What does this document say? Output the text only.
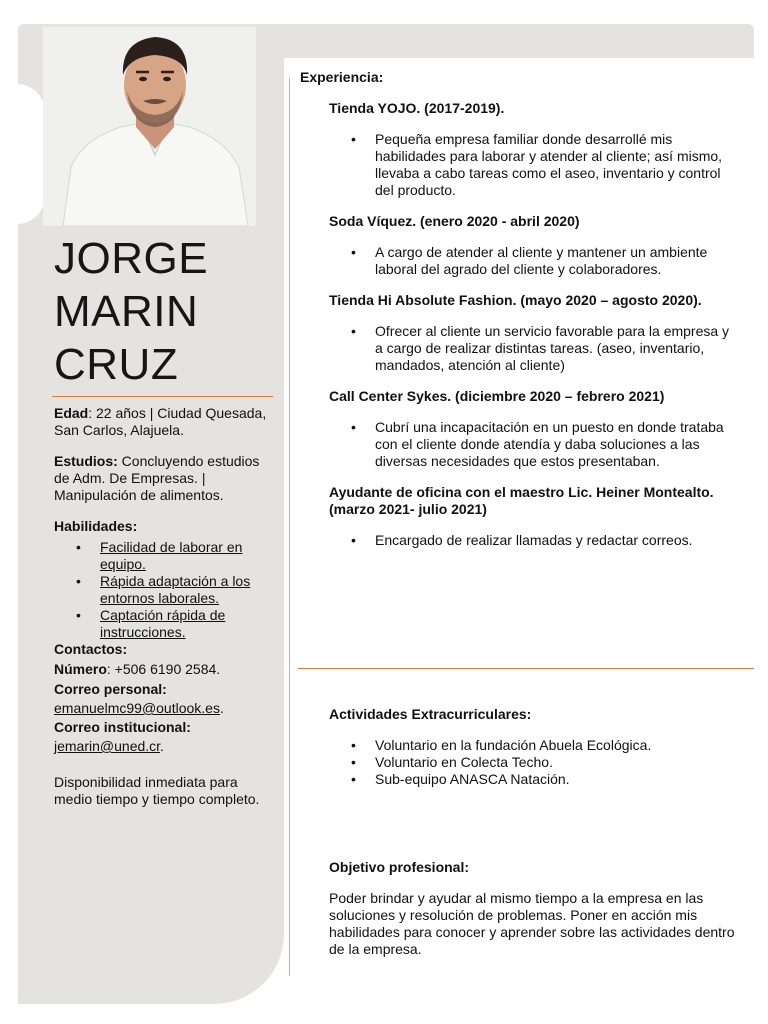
JORGE
MARIN
CRUZ

Edad: 22 años | Ciudad Quesada, San Carlos, Alajuela.

Estudios: Concluyendo estudios de Adm. De Empresas. | Manipulación de alimentos.

Habilidades:

• Facilidad de laborar en equipo.
• Rápida adaptación a los entornos laborales.
• Captación rápida de instrucciones.

Contactos:

Número: +506 6190 2584.

Correo personal:

emanuelmc99@outlook.es.

Correo institucional:

jemarin@uned.cr.

Disponibilidad inmediata para medio tiempo y tiempo completo.

Experiencia:

Tienda YOJO. (2017-2019).

• Pequeña empresa familiar donde desarrollé mis habilidades para laborar y atender al cliente; así mismo, llevaba a cabo tareas como el aseo, inventario y control del producto.

Soda Víquez. (enero 2020 - abril 2020)

• A cargo de atender al cliente y mantener un ambiente laboral del agrado del cliente y colaboradores.

Tienda Hi Absolute Fashion. (mayo 2020 – agosto 2020).

• Ofrecer al cliente un servicio favorable para la empresa y a cargo de realizar distintas tareas. (aseo, inventario, mandados, atención al cliente)

Call Center Sykes. (diciembre 2020 – febrero 2021)

• Cubrí una incapacitación en un puesto en donde trataba con el cliente donde atendía y daba soluciones a las diversas necesidades que estos presentaban.

Ayudante de oficina con el maestro Lic. Heiner Montealto. (marzo 2021- julio 2021)

• Encargado de realizar llamadas y redactar correos.

Actividades Extracurriculares:

• Voluntario en la fundación Abuela Ecológica.
• Voluntario en Colecta Techo.
• Sub-equipo ANASCA Natación.

Objetivo profesional:

Poder brindar y ayudar al mismo tiempo a la empresa en las soluciones y resolución de problemas. Poner en acción mis habilidades para conocer y aprender sobre las actividades dentro de la empresa.
